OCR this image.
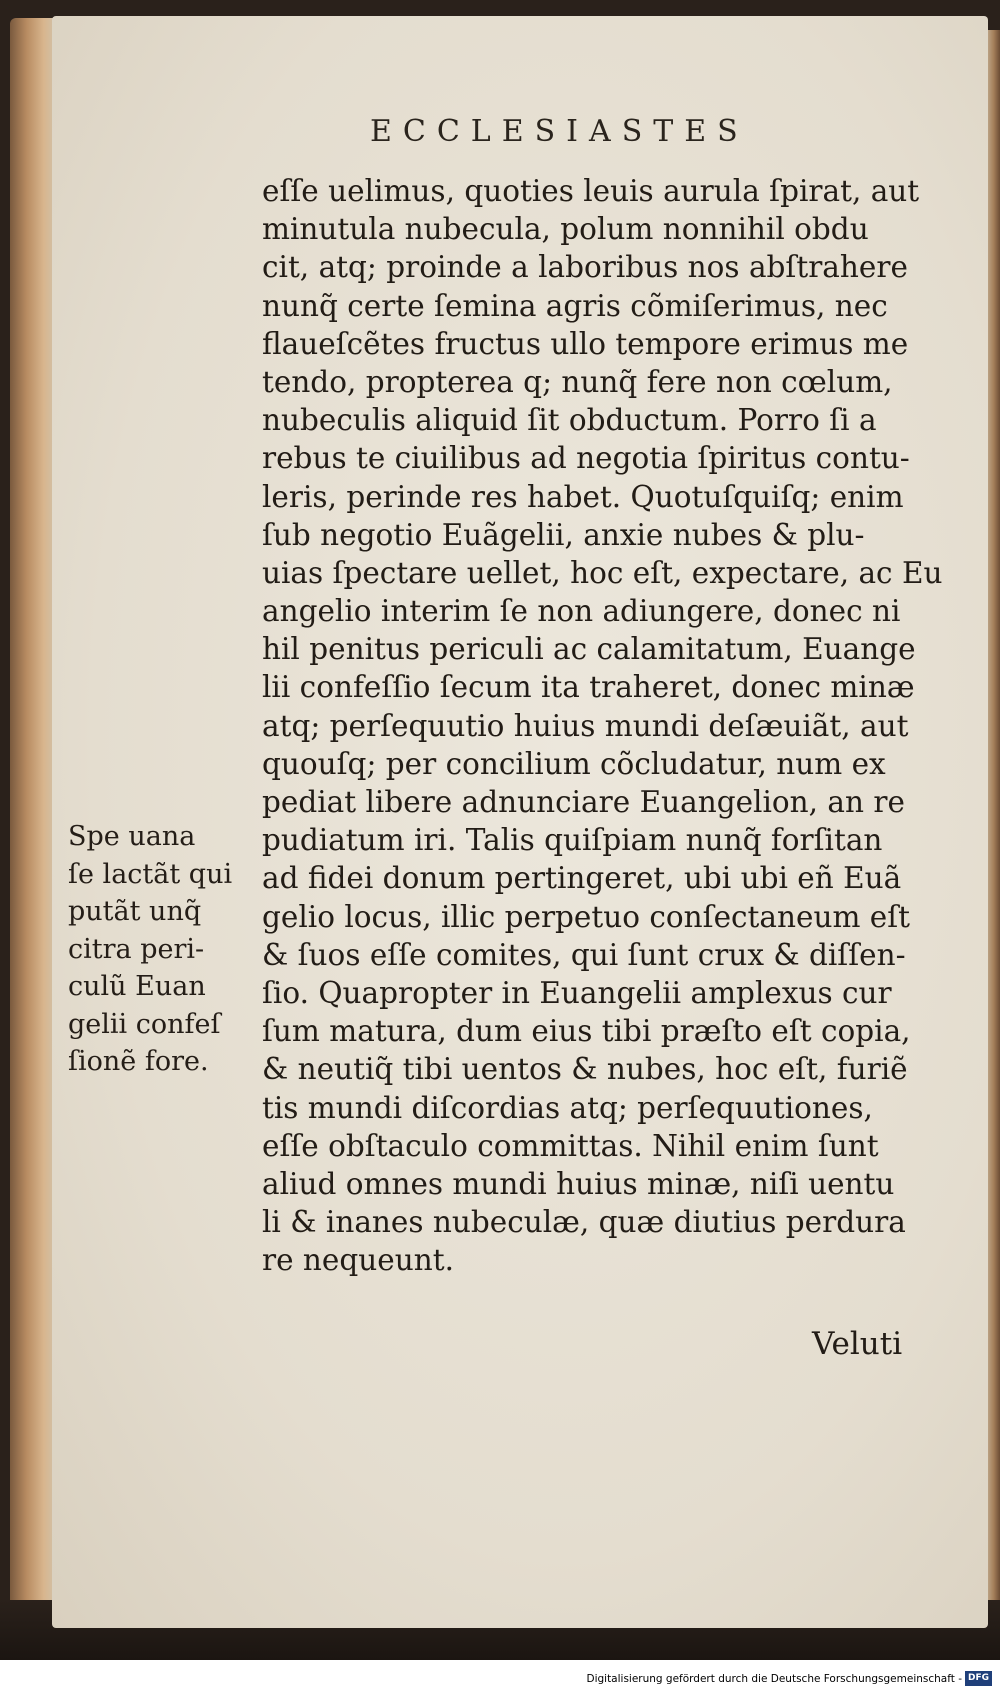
ECCLESIASTES
eſſe uelimus, quoties leuis aurula ſpirat, aut
minutula nubecula, polum nonnihil obdu
cit, atq; proinde a laboribus nos abſtrahere
nunq̃ certe ſemina agris cõmiſerimus, nec
flaueſcẽtes fructus ullo tempore erimus me
tendo, propterea q; nunq̃ fere non cœlum,
nubeculis aliquid ſit obductum. Porro ſi a
rebus te ciuilibus ad negotia ſpiritus contu-
leris, perinde res habet. Quotuſquiſq; enim
ſub negotio Euãgelii, anxie nubes & plu-
uias ſpectare uellet, hoc eſt, expectare, ac Eu
angelio interim ſe non adiungere, donec ni
hil penitus periculi ac calamitatum, Euange
lii confeſſio ſecum ita traheret, donec minæ
atq; perſequutio huius mundi deſæuiãt, aut
quouſq; per concilium cõcludatur, num ex
pediat libere adnunciare Euangelion, an re
pudiatum iri. Talis quiſpiam nunq̃ forſitan
ad fidei donum pertingeret, ubi ubi eñ Euã
gelio locus, illic perpetuo conſectaneum eſt
& ſuos eſſe comites, qui ſunt crux & diſſen-
ſio. Quapropter in Euangelii amplexus cur
ſum matura, dum eius tibi præſto eſt copia,
& neutiq̃ tibi uentos & nubes, hoc eſt, furiẽ
tis mundi diſcordias atq; perſequutiones,
eſſe obſtaculo committas. Nihil enim ſunt
aliud omnes mundi huius minæ, niſi uentu
li & inanes nubeculæ, quæ diutius perdura
re nequeunt.
Spe uana
ſe lactãt qui
putãt unq̃
citra peri-
culũ Euan
gelii confeſ
ſionẽ fore.
Veluti
Digitalisierung gefördert durch die Deutsche Forschungsgemeinschaft - DFG
